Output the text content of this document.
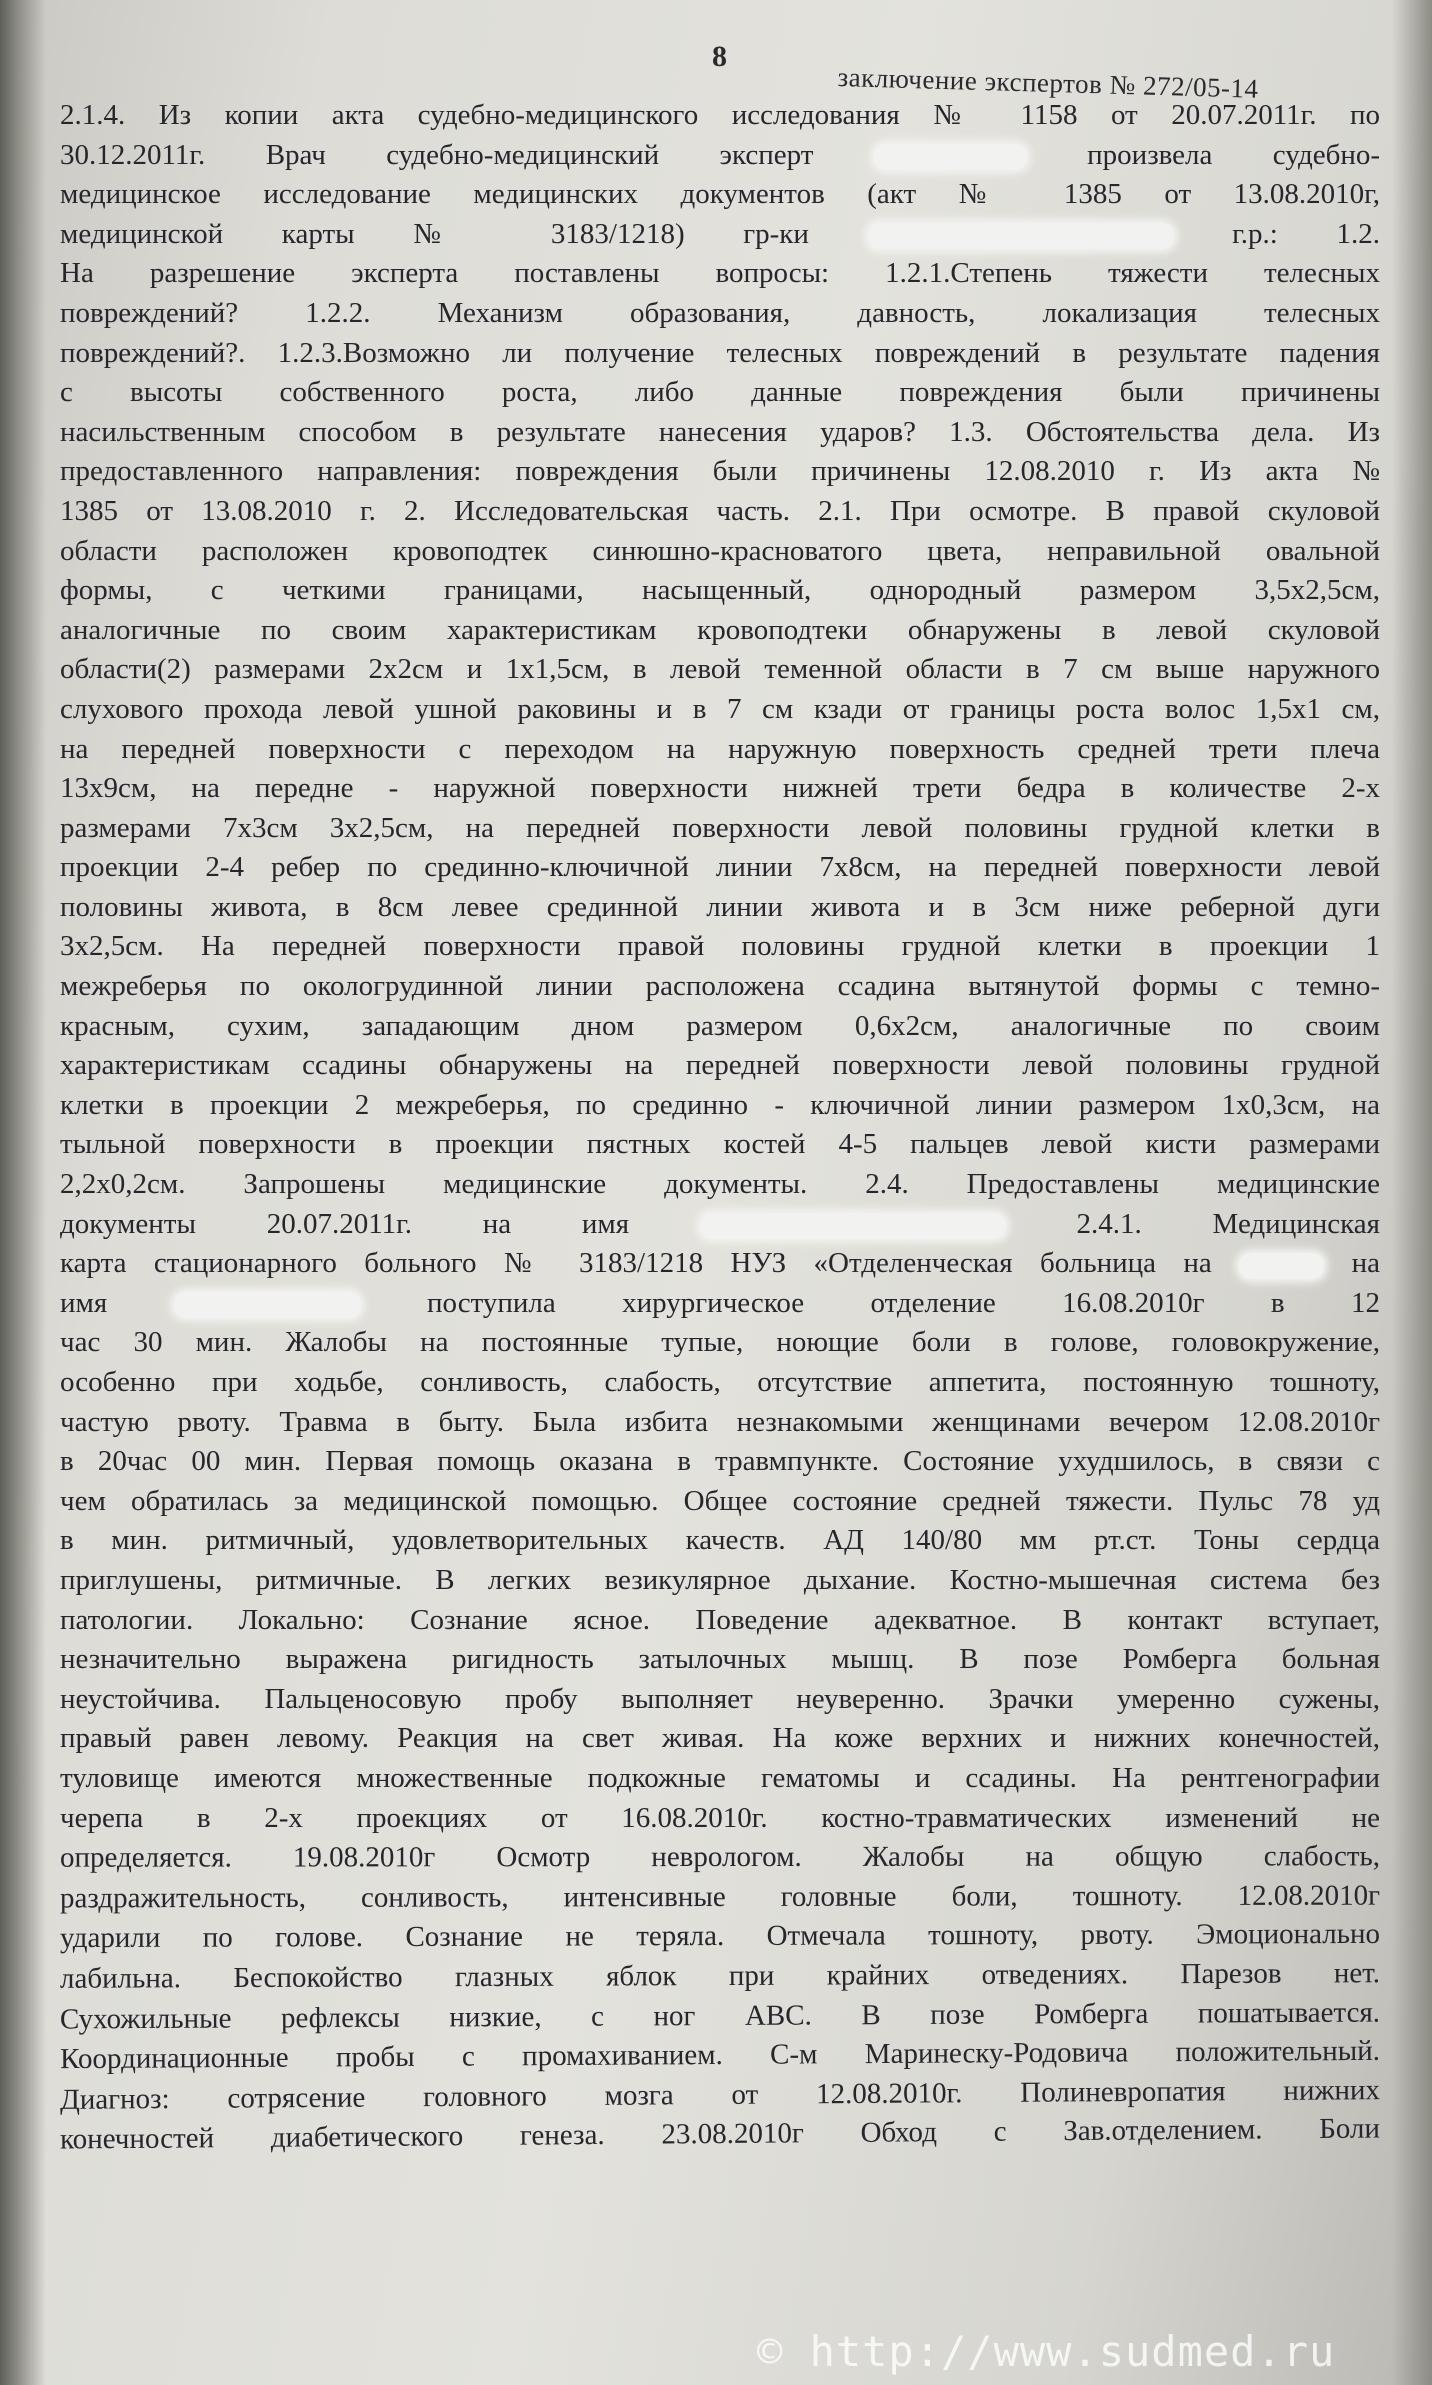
8
заключение экспертов № 272/05-14
2.1.4. Из копии акта судебно-медицинского исследования № 1158 от 20.07.2011г. по
30.12.2011г. Врач судебно-медицинский эксперт	произвела судебно-
медицинское исследование медицинских документов (акт № 1385 от 13.08.2010г,
медицинской карты № 3183/1218) гр-ки	г.р.: 1.2.
На разрешение эксперта поставлены вопросы: 1.2.1.Степень тяжести телесных
повреждений? 1.2.2. Механизм образования, давность, локализация телесных
повреждений?. 1.2.3.Возможно ли получение телесных повреждений в результате падения
с высоты собственного роста, либо данные повреждения были причинены
насильственным способом в результате нанесения ударов? 1.3. Обстоятельства дела. Из
предоставленного направления: повреждения были причинены 12.08.2010 г. Из акта №
1385 от 13.08.2010 г. 2. Исследовательская часть. 2.1. При осмотре. В правой скуловой
области расположен кровоподтек синюшно-красноватого цвета, неправильной овальной
формы, с четкими границами, насыщенный, однородный размером 3,5х2,5см,
аналогичные по своим характеристикам кровоподтеки обнаружены в левой скуловой
области(2) размерами 2х2см и 1х1,5см, в левой теменной области в 7 см выше наружного
слухового прохода левой ушной раковины и в 7 см кзади от границы роста волос 1,5х1 см,
на передней поверхности с переходом на наружную поверхность средней трети плеча
13х9см, на передне - наружной поверхности нижней трети бедра в количестве 2-х
размерами 7х3см 3х2,5см, на передней поверхности левой половины грудной клетки в
проекции 2-4 ребер по срединно-ключичной линии 7х8см, на передней поверхности левой
половины живота, в 8см левее срединной линии живота и в 3см ниже реберной дуги
3х2,5см. На передней поверхности правой половины грудной клетки в проекции 1
межреберья по окологрудинной линии расположена ссадина вытянутой формы с темно-
красным, сухим, западающим дном размером 0,6х2см, аналогичные по своим
характеристикам ссадины обнаружены на передней поверхности левой половины грудной
клетки в проекции 2 межреберья, по срединно - ключичной линии размером 1х0,3см, на
тыльной поверхности в проекции пястных костей 4-5 пальцев левой кисти размерами
2,2х0,2см. Запрошены медицинские документы. 2.4. Предоставлены медицинские
документы 20.07.2011г. на имя	2.4.1. Медицинская
карта стационарного больного № 3183/1218 НУЗ «Отделенческая больница на	на
имя	поступила хирургическое отделение 16.08.2010г в 12
час 30 мин. Жалобы на постоянные тупые, ноющие боли в голове, головокружение,
особенно при ходьбе, сонливость, слабость, отсутствие аппетита, постоянную тошноту,
частую рвоту. Травма в быту. Была избита незнакомыми женщинами вечером 12.08.2010г
в 20час 00 мин. Первая помощь оказана в травмпункте. Состояние ухудшилось, в связи с
чем обратилась за медицинской помощью. Общее состояние средней тяжести. Пульс 78 уд
в мин. ритмичный, удовлетворительных качеств. АД 140/80 мм рт.ст. Тоны сердца
приглушены, ритмичные. В легких везикулярное дыхание. Костно-мышечная система без
патологии. Локально: Сознание ясное. Поведение адекватное. В контакт вступает,
незначительно выражена ригидность затылочных мышц. В позе Ромберга больная
неустойчива. Пальценосовую пробу выполняет неуверенно. Зрачки умеренно сужены,
правый равен левому. Реакция на свет живая. На коже верхних и нижних конечностей,
туловище имеются множественные подкожные гематомы и ссадины. На рентгенографии
черепа в 2-х проекциях от 16.08.2010г. костно-травматических изменений не
определяется. 19.08.2010г Осмотр неврологом. Жалобы на общую слабость,
раздражительность, сонливость, интенсивные головные боли, тошноту. 12.08.2010г
ударили по голове. Сознание не теряла. Отмечала тошноту, рвоту. Эмоционально
лабильна. Беспокойство глазных яблок при крайних отведениях. Парезов нет.
Сухожильные рефлексы низкие, с ног АВС. В позе Ромберга пошатывается.
Координационные пробы с промахиванием. С-м Маринеску-Родовича положительный.
Диагноз: сотрясение головного мозга от 12.08.2010г. Полиневропатия нижних
конечностей диабетического генеза. 23.08.2010г Обход с Зав.отделением. Боли
© http://www.sudmed.ru
